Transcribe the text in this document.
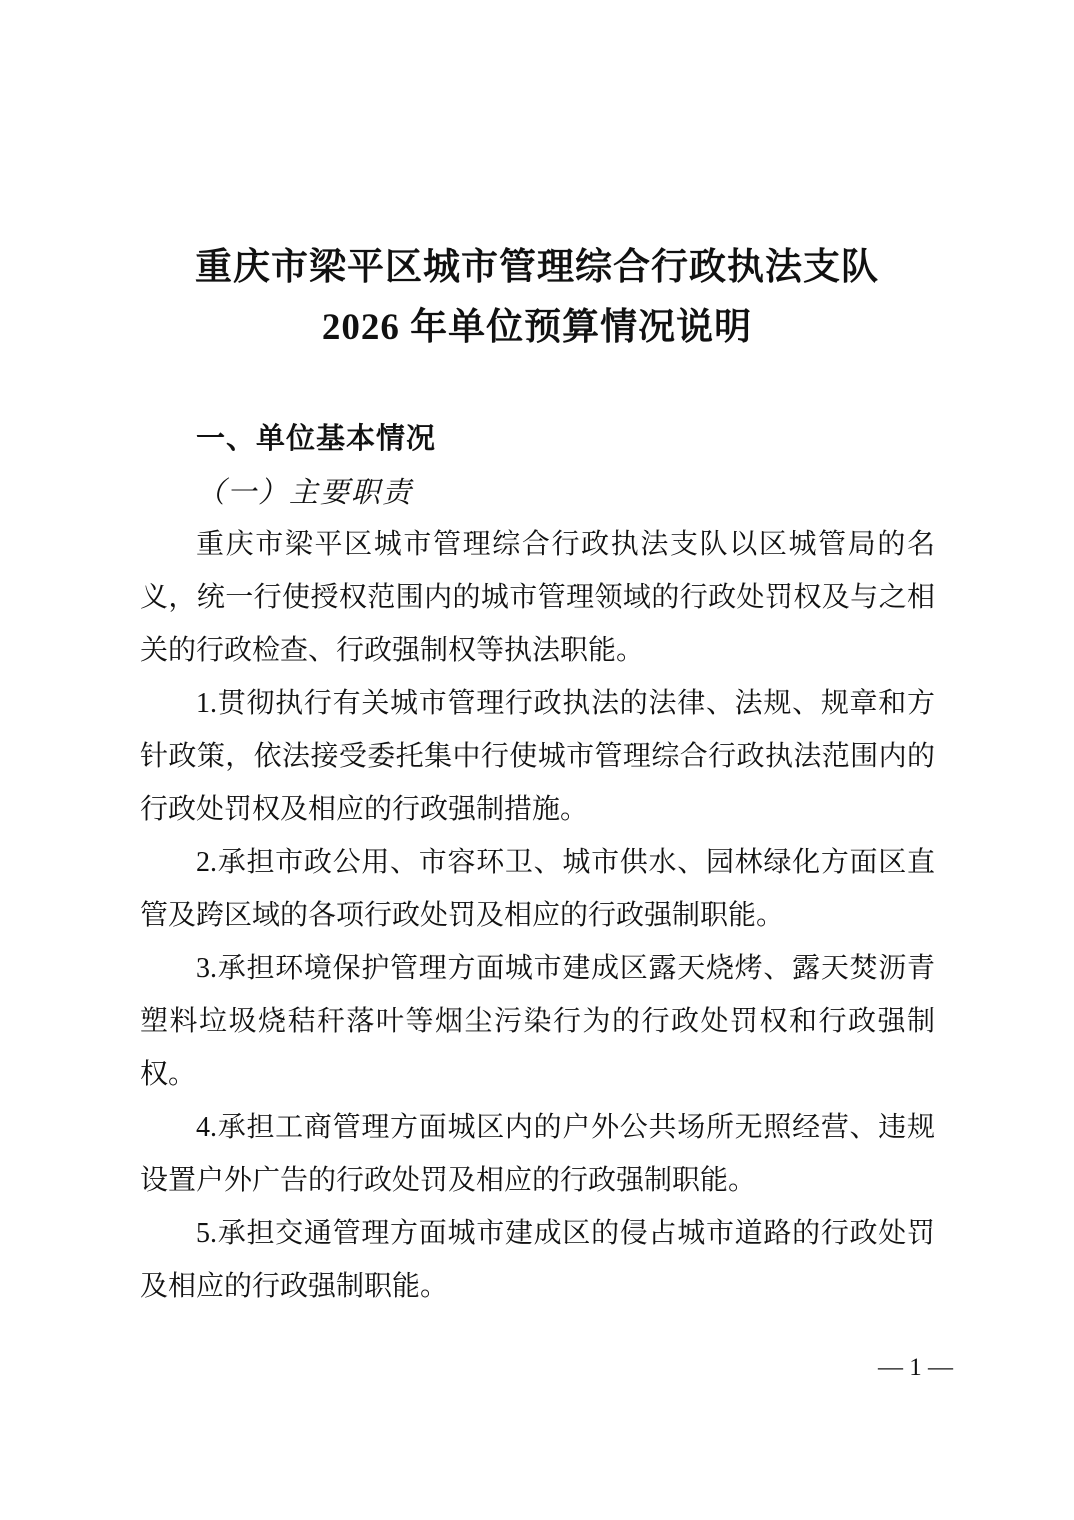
重庆市梁平区城市管理综合行政执法支队
2026 年单位预算情况说明
一、单位基本情况
（一）主要职责

重庆市梁平区城市管理综合行政执法支队以区城管局的名义，统一行使授权范围内的城市管理领域的行政处罚权及与之相关的行政检查、行政强制权等执法职能。

1.贯彻执行有关城市管理行政执法的法律、法规、规章和方针政策，依法接受委托集中行使城市管理综合行政执法范围内的行政处罚权及相应的行政强制措施。

2.承担市政公用、市容环卫、城市供水、园林绿化方面区直管及跨区域的各项行政处罚及相应的行政强制职能。

3.承担环境保护管理方面城市建成区露天烧烤、露天焚沥青塑料垃圾烧秸秆落叶等烟尘污染行为的行政处罚权和行政强制权。

4.承担工商管理方面城区内的户外公共场所无照经营、违规设置户外广告的行政处罚及相应的行政强制职能。

5.承担交通管理方面城市建成区的侵占城市道路的行政处罚及相应的行政强制职能。

— 1 —
